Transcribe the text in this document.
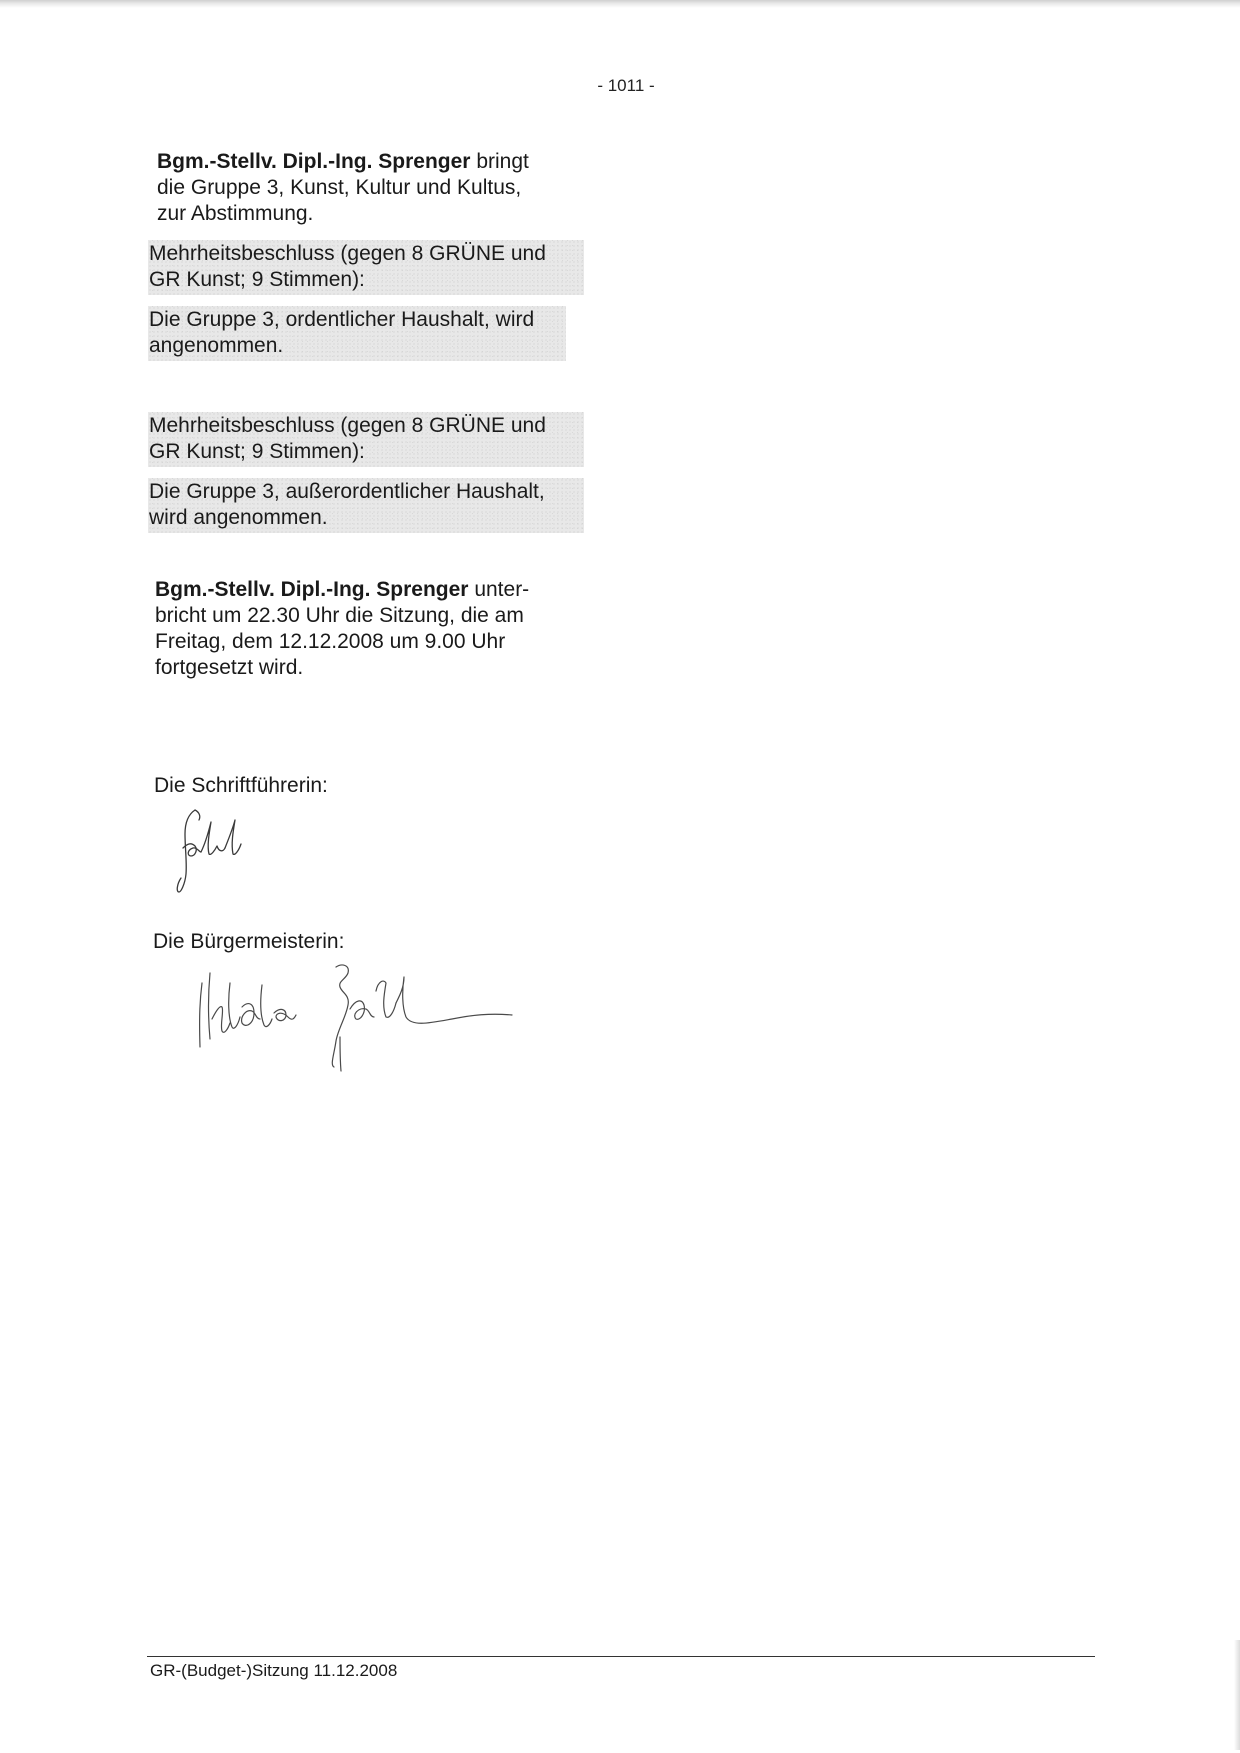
- 1011 -
Bgm.-Stellv. Dipl.-Ing. Sprenger bringt
die Gruppe 3, Kunst, Kultur und Kultus,
zur Abstimmung.
Mehrheitsbeschluss (gegen 8 GRÜNE und
GR Kunst; 9 Stimmen):
Die Gruppe 3, ordentlicher Haushalt, wird
angenommen.
Mehrheitsbeschluss (gegen 8 GRÜNE und
GR Kunst; 9 Stimmen):
Die Gruppe 3, außerordentlicher Haushalt,
wird angenommen.
Bgm.-Stellv. Dipl.-Ing. Sprenger unter-
bricht um 22.30 Uhr die Sitzung, die am
Freitag, dem 12.12.2008 um 9.00 Uhr
fortgesetzt wird.
Die Schriftführerin:
Die Bürgermeisterin:
GR-(Budget-)Sitzung 11.12.2008
